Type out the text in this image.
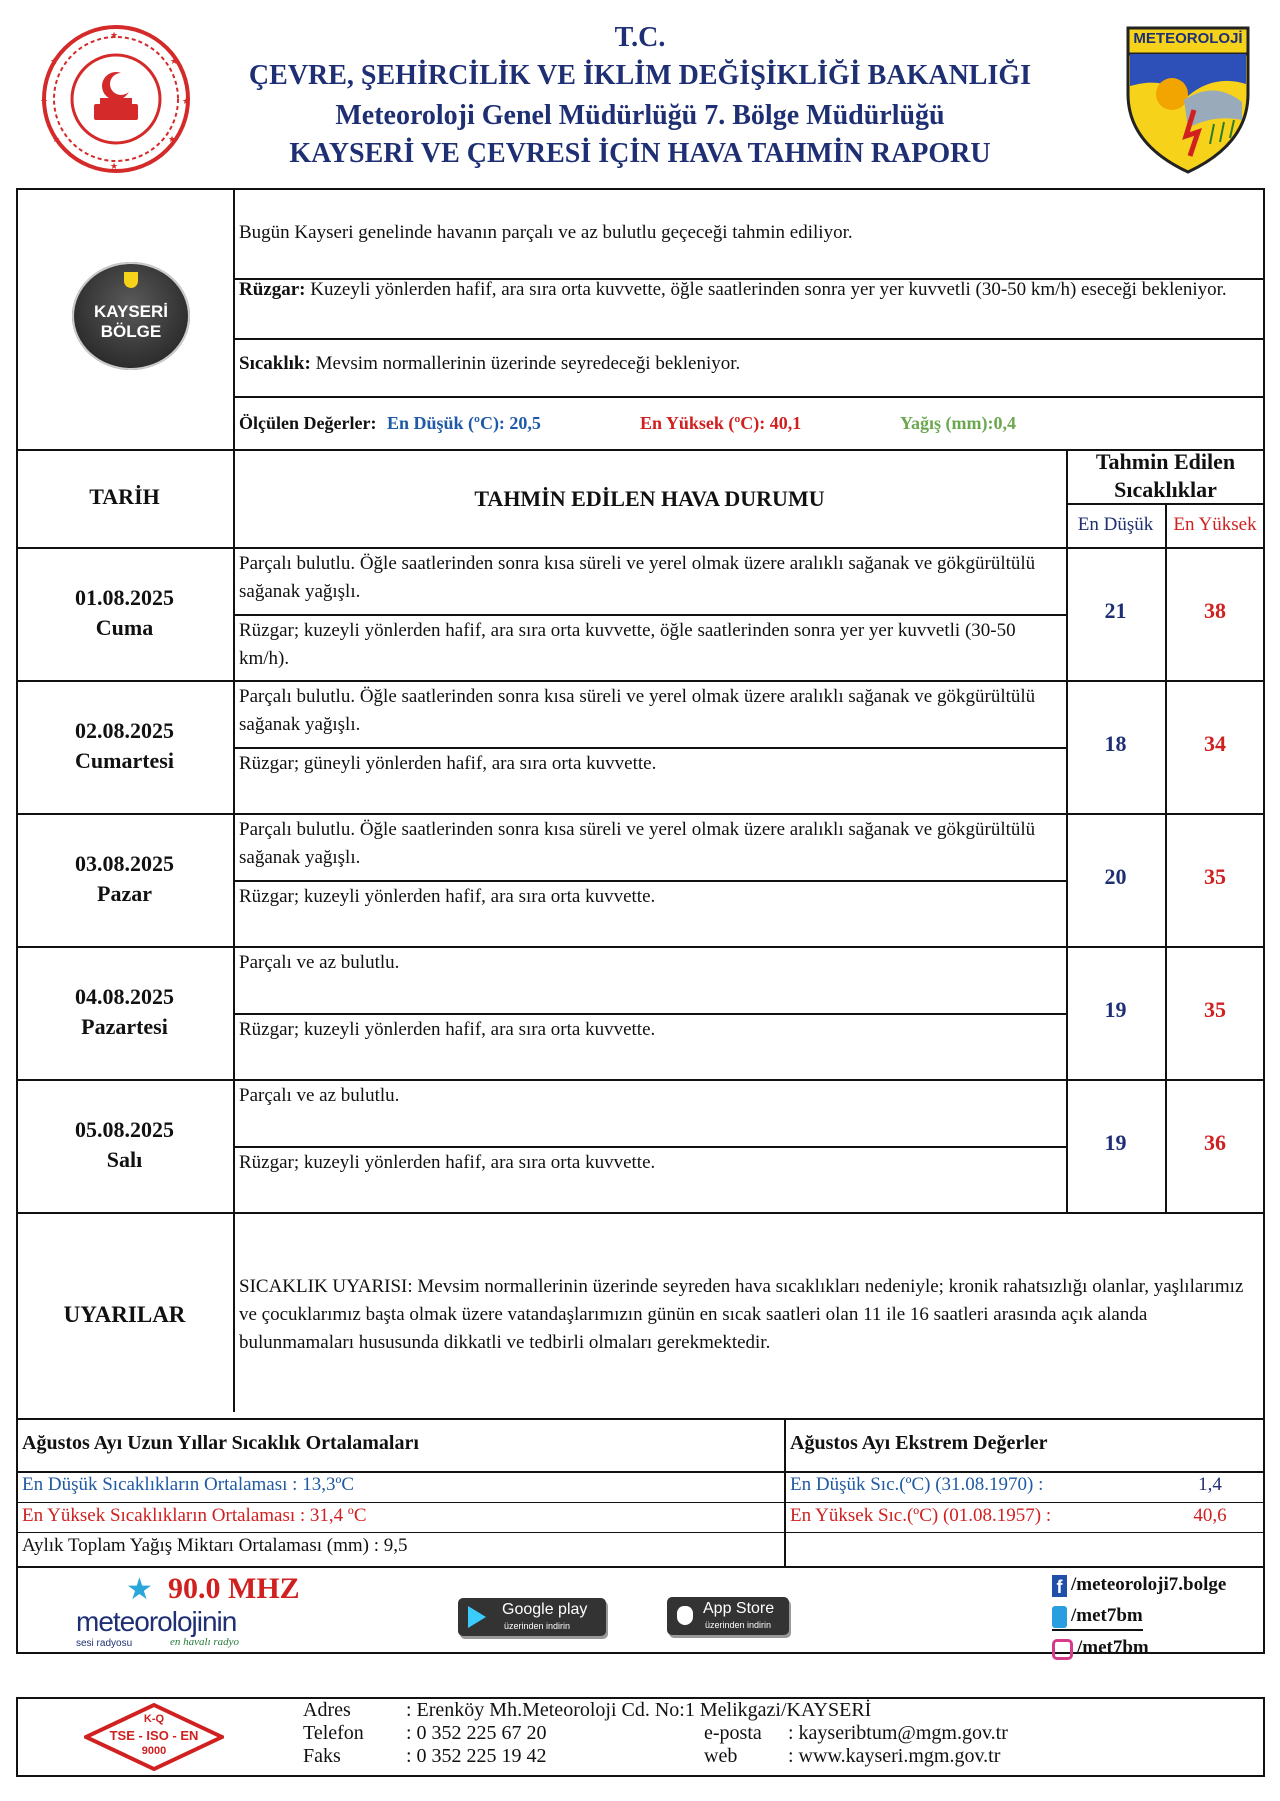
★	★
★	★
★	★
★
★
T.C.
ÇEVRE, ŞEHİRCİLİK VE İKLİM DEĞİŞİKLİĞİ BAKANLIĞI
Meteoroloji Genel Müdürlüğü 7. Bölge Müdürlüğü
KAYSERİ VE ÇEVRESİ İÇİN HAVA TAHMİN RAPORU
METEOROLOJİ
KAYSERİ
BÖLGE
Bugün Kayseri genelinde havanın parçalı ve az bulutlu geçeceği tahmin ediliyor.
Rüzgar: Kuzeyli yönlerden hafif, ara sıra orta kuvvette, öğle saatlerinden sonra yer yer kuvvetli (30-50 km/h) eseceği bekleniyor.
Sıcaklık: Mevsim normallerinin üzerinde seyredeceği bekleniyor.
Ölçülen Değerler: En Düşük (ºC): 20,5	En Yüksek (ºC): 40,1	Yağış (mm):0,4
TARİH	TAHMİN EDİLEN HAVA DURUMU
Tahmin Edilen Sıcaklıklar
En Düşük	En Yüksek
01.08.2025
Cuma
Parçalı bulutlu. Öğle saatlerinden sonra kısa süreli ve yerel olmak üzere aralıklı sağanak ve gökgürültülü sağanak yağışlı.
Rüzgar; kuzeyli yönlerden hafif, ara sıra orta kuvvette, öğle saatlerinden sonra yer yer kuvvetli (30-50 km/h).
21	38
02.08.2025
Cumartesi
Parçalı bulutlu. Öğle saatlerinden sonra kısa süreli ve yerel olmak üzere aralıklı sağanak ve gökgürültülü sağanak yağışlı.
Rüzgar; güneyli yönlerden hafif, ara sıra orta kuvvette.
18	34
03.08.2025
Pazar
Parçalı bulutlu. Öğle saatlerinden sonra kısa süreli ve yerel olmak üzere aralıklı sağanak ve gökgürültülü sağanak yağışlı.
Rüzgar; kuzeyli yönlerden hafif, ara sıra orta kuvvette.
20	35
04.08.2025
Pazartesi
Parçalı ve az bulutlu.
Rüzgar; kuzeyli yönlerden hafif, ara sıra orta kuvvette.
19	35
05.08.2025
Salı
Parçalı ve az bulutlu.
Rüzgar; kuzeyli yönlerden hafif, ara sıra orta kuvvette.
19	36
UYARILAR
SICAKLIK UYARISI: Mevsim normallerinin üzerinde seyreden hava sıcaklıkları nedeniyle; kronik rahatsızlığı olanlar, yaşlılarımız ve çocuklarımız başta olmak üzere vatandaşlarımızın günün en sıcak saatleri olan 11 ile 16 saatleri arasında açık alanda bulunmamaları hususunda dikkatli ve tedbirli olmaları gerekmektedir.
Ağustos Ayı Uzun Yıllar Sıcaklık Ortalamaları
En Düşük Sıcaklıkların Ortalaması : 13,3ºC
En Yüksek Sıcaklıkların Ortalaması : 31,4 ºC
Aylık Toplam Yağış Miktarı Ortalaması (mm) : 9,5
Ağustos Ayı Ekstrem Değerler
En Düşük Sıc.(ºC) (31.08.1970) :	1,4
En Yüksek Sıc.(ºC) (01.08.1957) :	40,6
★ 90.0 MHZ
meteorolojinin
sesi radyosu	en havalı radyo
Google play
üzerinden indirin
App Store
üzerinden indirin
f /meteoroloji7.bolge
/met7bm
/met7bm
K-Q
TSE - ISO - EN
9000
Adres	: Erenköy Mh.Meteoroloji Cd. No:1 Melikgazi/KAYSERİ
Telefon : 0 352 225 67 20
Faks	: 0 352 225 19 42
e-posta : kayseribtum@mgm.gov.tr
web	: www.kayseri.mgm.gov.tr
